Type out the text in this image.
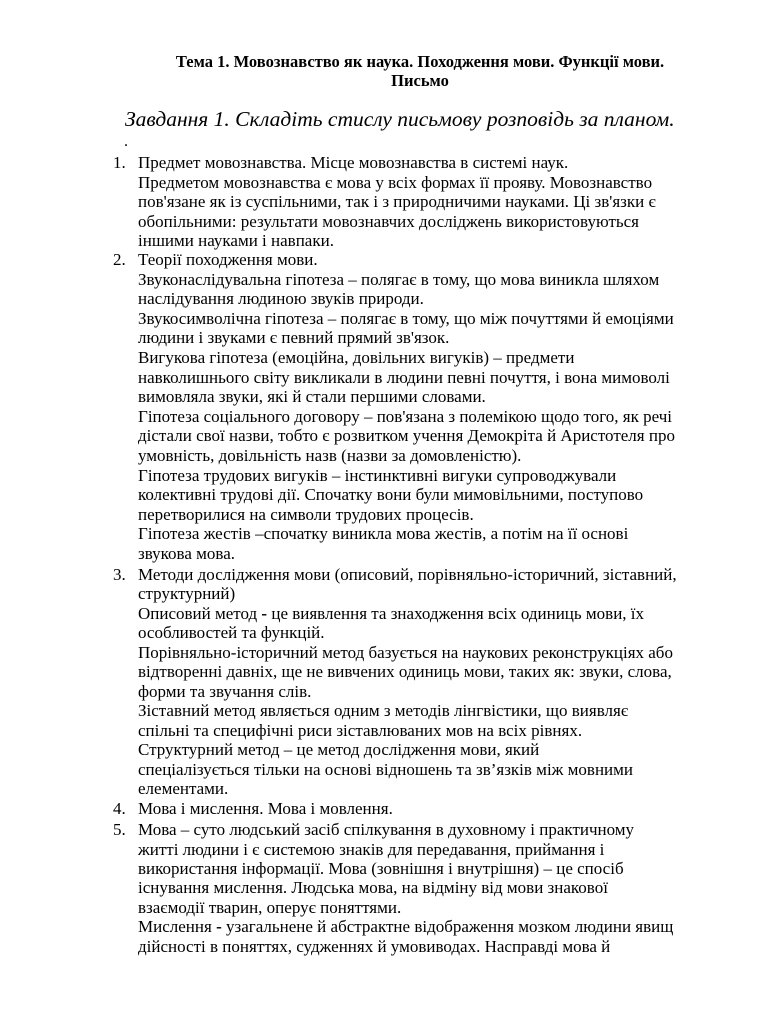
Тема 1. Мовознавство як наука. Походження мови. Функції мови.
Письмо
Завдання 1. Складіть стислу письмову розповідь за планом.
.
1.
2.
3.
4.
5.
Предмет мовознавства. Місце мовознавства в системі наук.
Предметом мовознавства є мова у всіх формах її прояву. Мовознавство
пов'язане як із суспільними, так і з природничими науками. Ці зв'язки є
обопільними: результати мовознавчих досліджень використовуються
іншими науками і навпаки.
Теорії походження мови.
Звуконаслідувальна гіпотеза – полягає в тому, що мова виникла шляхом
наслідування людиною звуків природи.
Звукосимволічна гіпотеза – полягає в тому, що між почуттями й емоціями
людини і звуками є певний прямий зв'язок.
Вигукова гіпотеза (емоційна, довільних вигуків) – предмети
навколишнього світу викликали в людини певні почуття, і вона мимоволі
вимовляла звуки, які й стали першими словами.
Гіпотеза соціального договору – пов'язана з полемікою щодо того, як речі
дістали свої назви, тобто є розвитком учення Демокріта й Аристотеля про
умовність, довільність назв (назви за домовленістю).
Гіпотеза трудових вигуків – інстинктивні вигуки супроводжували
колективні трудові дії. Спочатку вони були мимовільними, поступово
перетворилися на символи трудових процесів.
Гіпотеза жестів –спочатку виникла мова жестів, а потім на її основі
звукова мова.
Методи дослідження мови (описовий, порівняльно-історичний, зіставний,
структурний)
Описовий метод - це виявлення та знаходження всіх одиниць мови, їх
особливостей та функцій.
Порівняльно-історичний метод базується на наукових реконструкціях або
відтворенні давніх, ще не вивчених одиниць мови, таких як: звуки, слова,
форми та звучання слів.
Зіставний метод являється одним з методів лінгвістики, що виявляє
спільні та специфічні риси зіставлюваних мов на всіх рівнях.
Структурний метод – це метод дослідження мови, який
спеціалізується тільки на основі відношень та зв’язків між мовними
елементами.
Мова і мислення. Мова і мовлення.
Мова – суто людський засіб спілкування в духовному і практичному
житті людини і є системою знаків для передавання, приймання і
використання інформації. Мова (зовнішня і внутрішня) – це спосіб
існування мислення. Людська мова, на відміну від мови знакової
взаємодії тварин, оперує поняттями.
Мислення - узагальнене й абстрактне відображення мозком людини явищ
дійсності в поняттях, судженнях й умовиводах. Насправді мова й
